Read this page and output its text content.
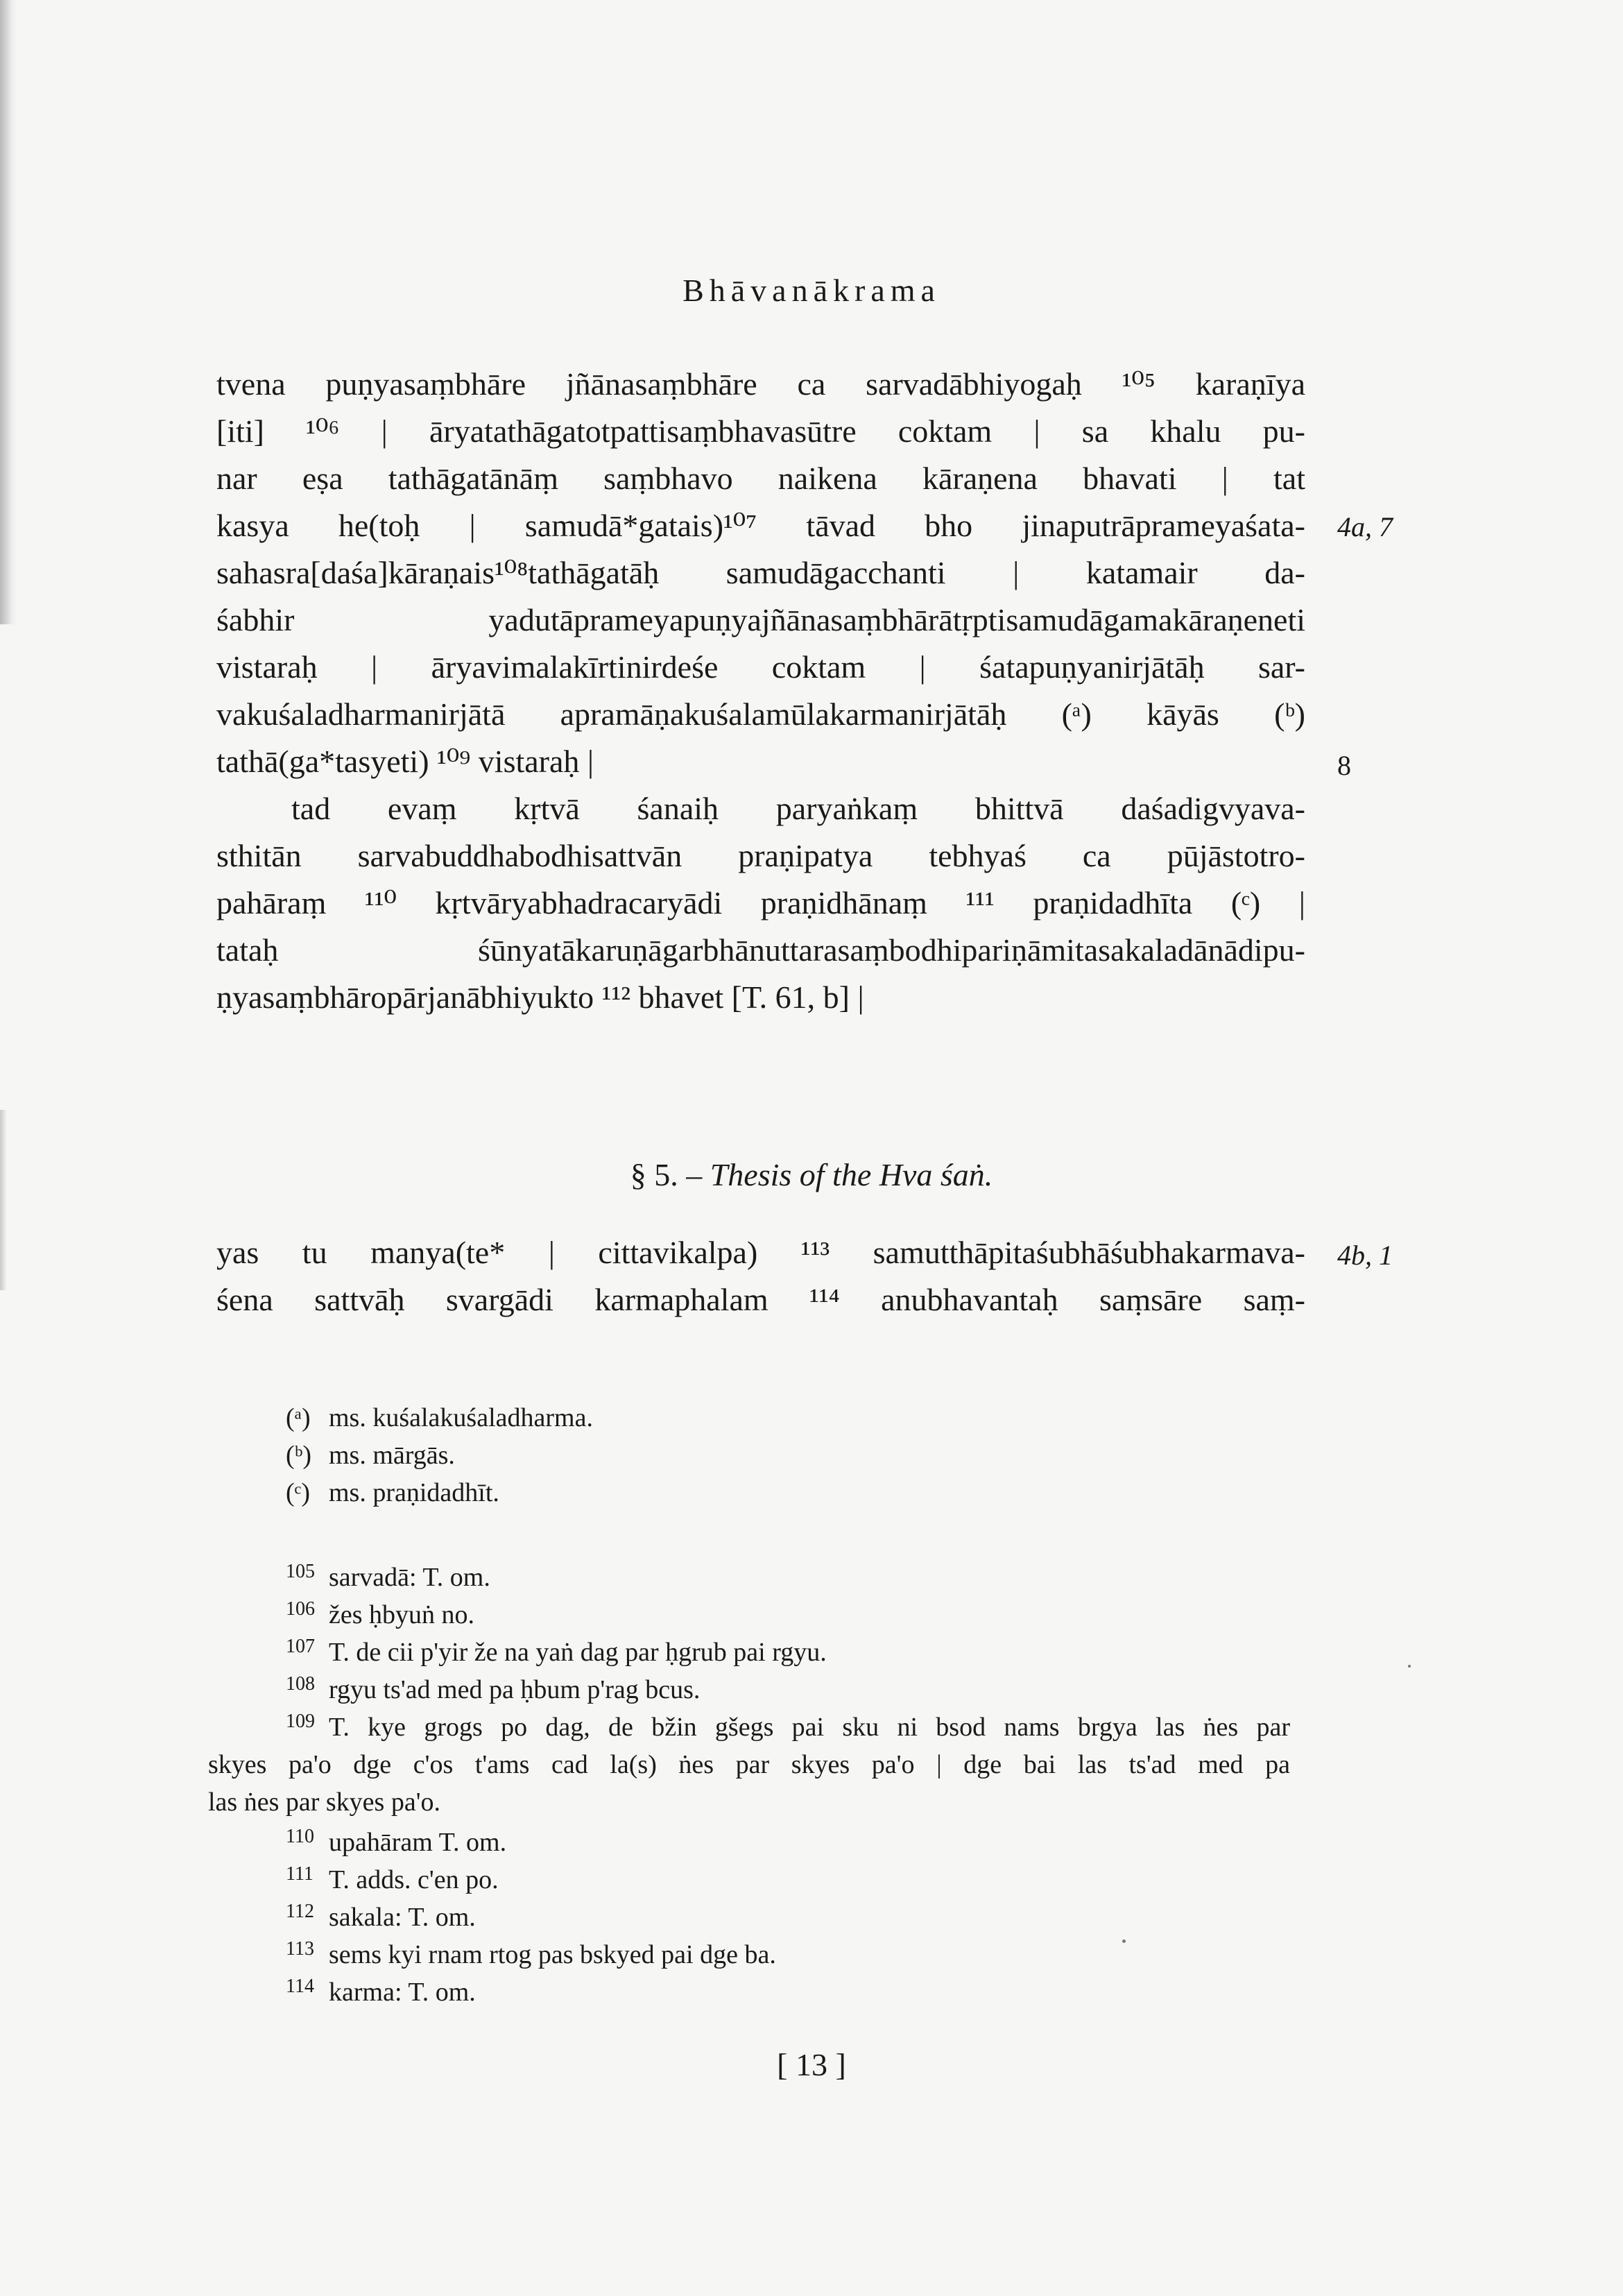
Bhāvanākrama
tvena puṇyasaṃbhāre jñānasaṃbhāre ca sarvadābhiyogaḥ ¹⁰⁵ karaṇīya
[iti] ¹⁰⁶ | āryatathāgatotpattisaṃbhavasūtre coktam | sa khalu pu-
nar eṣa tathāgatānāṃ saṃbhavo naikena kāraṇena bhavati | tat
kasya he(toḥ | samudā*gatais)¹⁰⁷ tāvad bho jinaputrāprameyaśata-
sahasra[daśa]kāraṇais¹⁰⁸tathāgatāḥ samudāgacchanti | katamair da-
śabhir yadutāprameyapuṇyajñānasaṃbhārātṛptisamudāgamakāraṇeneti
vistaraḥ | āryavimalakīrtinirdeśe coktam | śatapuṇyanirjātāḥ sar-
vakuśaladharmanirjātā apramāṇakuśalamūlakarmanirjātāḥ (ᵃ) kāyās (ᵇ)
tathā(ga*tasyeti) ¹⁰⁹ vistaraḥ |
4a, 7
8
tad evaṃ kṛtvā śanaiḥ paryaṅkaṃ bhittvā daśadigvyava-
sthitān sarvabuddhabodhisattvān praṇipatya tebhyaś ca pūjāstotro-
pahāraṃ ¹¹⁰ kṛtvāryabhadracaryādi praṇidhānaṃ ¹¹¹ praṇidadhīta (ᶜ) |
tataḥ śūnyatākaruṇāgarbhānuttarasaṃbodhipariṇāmitasakaladānādipu-
ṇyasaṃbhāropārjanābhiyukto ¹¹² bhavet [T. 61, b] |
§ 5. – Thesis of the Hva śaṅ.
yas tu manya(te* | cittavikalpa) ¹¹³ samutthāpitaśubhāśubhakarmava-
śena sattvāḥ svargādi karmaphalam ¹¹⁴ anubhavantaḥ saṃsāre saṃ-
4b, 1
(ᵃ) ms. kuśalakuśaladharma.
(ᵇ) ms. mārgās.
(ᶜ) ms. praṇidadhīt.
105 sarvadā: T. om.
106 žes ḥbyuṅ no.
107 T. de cii p'yir že na yaṅ dag par ḥgrub pai rgyu.
108 rgyu ts'ad med pa ḥbum p'rag bcus.
109 T. kye grogs po dag, de bžin gšegs pai sku ni bsod nams brgya las ṅes par
skyes pa'o dge c'os t'ams cad la(s) ṅes par skyes pa'o | dge bai las ts'ad med pa
las ṅes par skyes pa'o.
110 upahāram T. om.
111 T. adds. c'en po.
112 sakala: T. om.
113 sems kyi rnam rtog pas bskyed pai dge ba.
114 karma: T. om.
[ 13 ]
